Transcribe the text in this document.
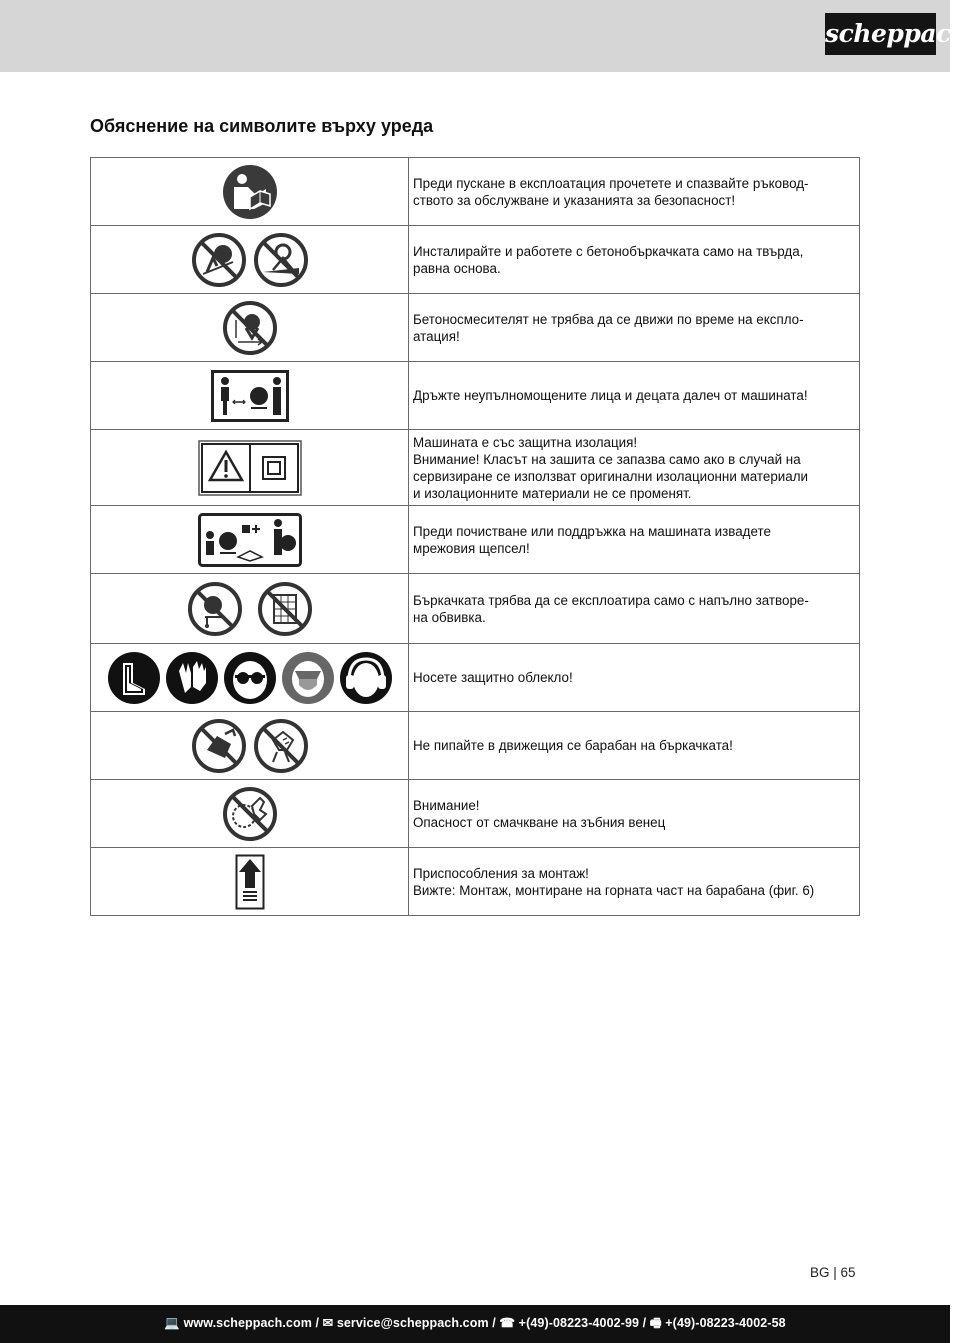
scheppach
Обяснение на символите върху уреда

Преди пускане в експлоатация прочетете и спазвайте ръковод-
ството за обслужване и указанията за безопасност!

Инсталирайте и работете с бетонобъркачката само на твърда,
равна основа.

Бетоносмесителят не трябва да се движи по време на експло-
атация!

Дръжте неупълномощените лица и децата далеч от машината!

Машината е със защитна изолация!
Внимание! Класът на зашита се запазва само ако в случай на
сервизиране се използват оригинални изолационни материали
и изолационните материали не се променят.

Преди почистване или поддръжка на машината извадете
мрежовия щепсел!

Бъркачката трябва да се експлоатира само с напълно затворе-
на обвивка.

Носете защитно облекло!

Не пипайте в движещия се барабан на бъркачката!

Внимание!
Опасност от смачкване на зъбния венец

Приспособления за монтаж!
Вижте: Монтаж, монтиране на горната част на барабана (фиг. 6)
BG | 65
💻 www.scheppach.com / ✉ service@scheppach.com / ☎ +(49)-08223-4002-99 / 🖷 +(49)-08223-4002-58
